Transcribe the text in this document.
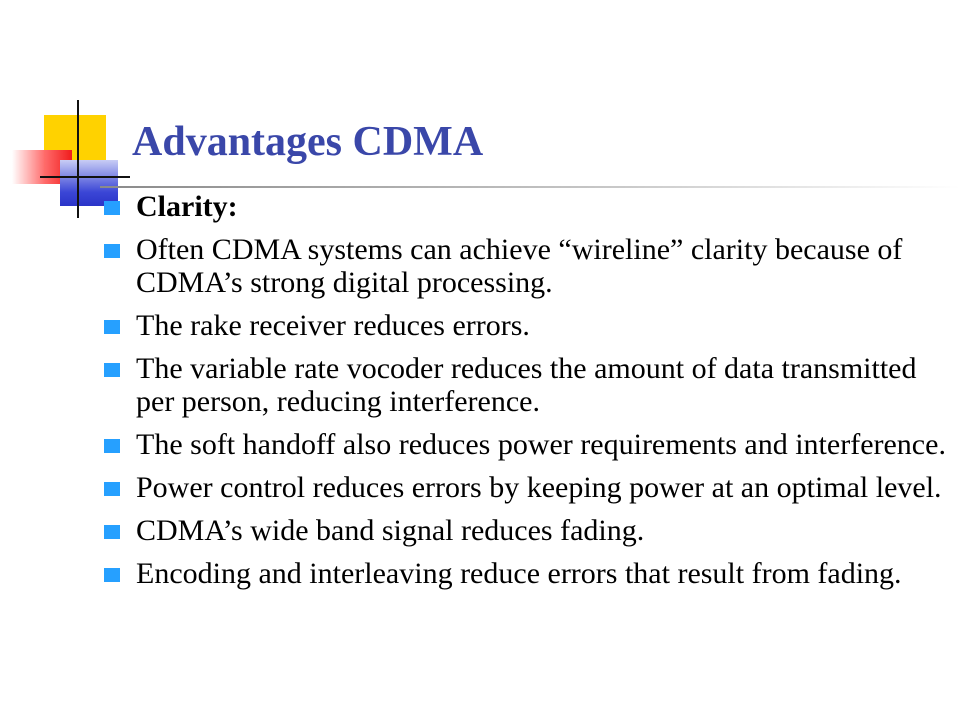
Advantages CDMA
Clarity:
Often CDMA systems can achieve “wireline” clarity because of CDMA’s strong digital processing.
The rake receiver reduces errors.
The variable rate vocoder reduces the amount of data transmitted per person, reducing interference.
The soft handoff also reduces power requirements and interference.
Power control reduces errors by keeping power at an optimal level.
CDMA’s wide band signal reduces fading.
Encoding and interleaving reduce errors that result from fading.
